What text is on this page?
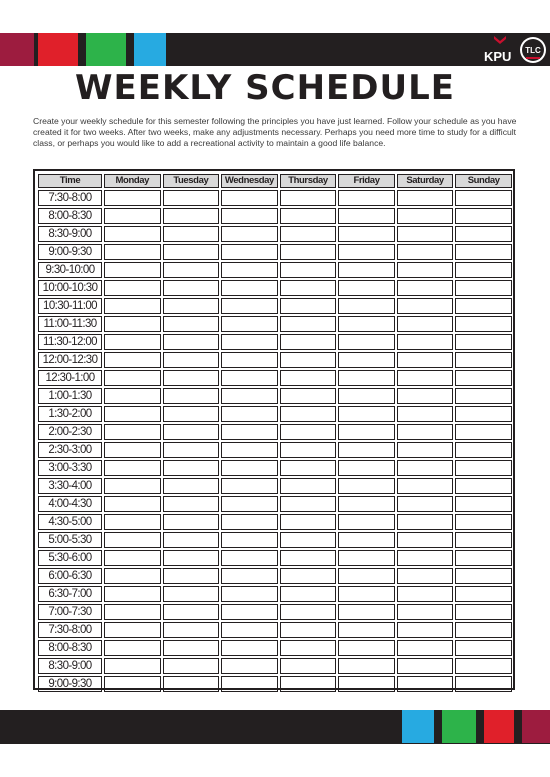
KPU	TLC
WEEKLY SCHEDULE

Create your weekly schedule for this semester following the principles you have just learned. Follow your schedule as you have created it for two weeks. After two weeks, make any adjustments necessary. Perhaps you need more time to study for a difficult class, or perhaps you would like to add a recreational activity to maintain a good life balance.

Time	Monday	Tuesday	Wednesday	Thursday	Friday	Saturday	Sunday
7:30-8:00							
8:00-8:30							
8:30-9:00							
9:00-9:30							
9:30-10:00							
10:00-10:30							
10:30-11:00							
11:00-11:30							
11:30-12:00							
12:00-12:30							
12:30-1:00							
1:00-1:30							
1:30-2:00							
2:00-2:30							
2:30-3:00							
3:00-3:30							
3:30-4:00							
4:00-4:30							
4:30-5:00							
5:00-5:30							
5:30-6:00							
6:00-6:30							
6:30-7:00							
7:00-7:30							
7:30-8:00							
8:00-8:30							
8:30-9:00							
9:00-9:30							
